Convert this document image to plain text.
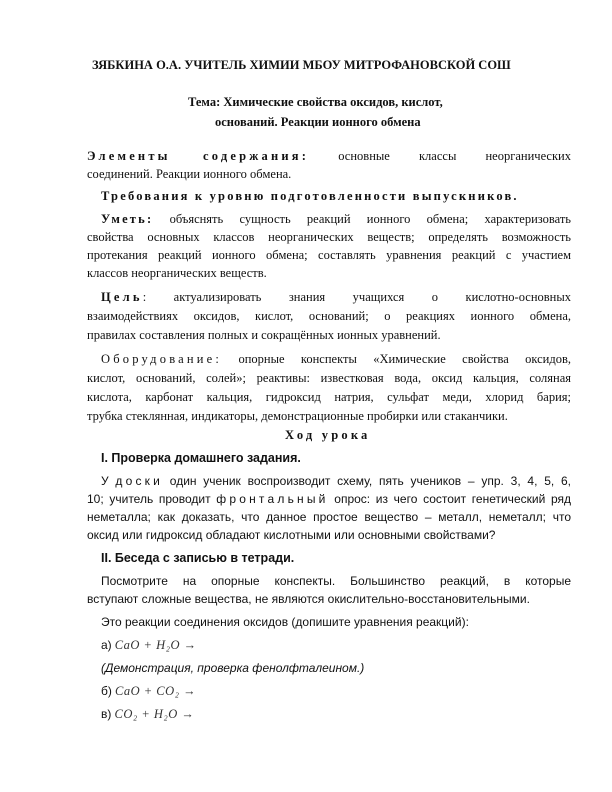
ЗЯБКИНА О.А. УЧИТЕЛЬ ХИМИИ МБОУ МИТРОФАНОВСКОЙ СОШ
Тема: Химические свойства оксидов, кислот,
оснований. Реакции ионного обмена
Элементы содержания: основные классы неорганических
соединений. Реакции ионного обмена.
Требования к уровню подготовленности выпускников.
Уметь: объяснять сущность реакций ионного обмена; характеризовать
свойства основных классов неорганических веществ; определять возможность
протекания реакций ионного обмена; составлять уравнения реакций с участием
классов неорганических веществ.
Цель: актуализировать знания учащихся о кислотно-основных
взаимодействиях оксидов, кислот, оснований; о реакциях ионного обмена,
правилах составления полных и сокращённых ионных уравнений.
Оборудование: опорные конспекты «Химические свойства оксидов,
кислот, оснований, солей»; реактивы: известковая вода, оксид кальция, соляная
кислота, карбонат кальция, гидроксид натрия, сульфат меди, хлорид бария;
трубка стеклянная, индикаторы, демонстрационные пробирки или стаканчики.
Ход урока
I. Проверка домашнего задания.
У доски один ученик воспроизводит схему, пять учеников – упр. 3, 4, 5, 6,
10; учитель проводит фронтальный опрос: из чего состоит генетический ряд
неметалла; как доказать, что данное простое вещество – металл, неметалл; что
оксид или гидроксид обладают кислотными или основными свойствами?
II. Беседа с записью в тетради.
Посмотрите на опорные конспекты. Большинство реакций, в которые
вступают сложные вещества, не являются окислительно-восстановительными.
Это реакции соединения оксидов (допишите уравнения реакций):
а) CaO + H₂O →
(Демонстрация, проверка фенолфталеином.)
б) CaO + CO₂ →
в) CO₂ + H₂O →
